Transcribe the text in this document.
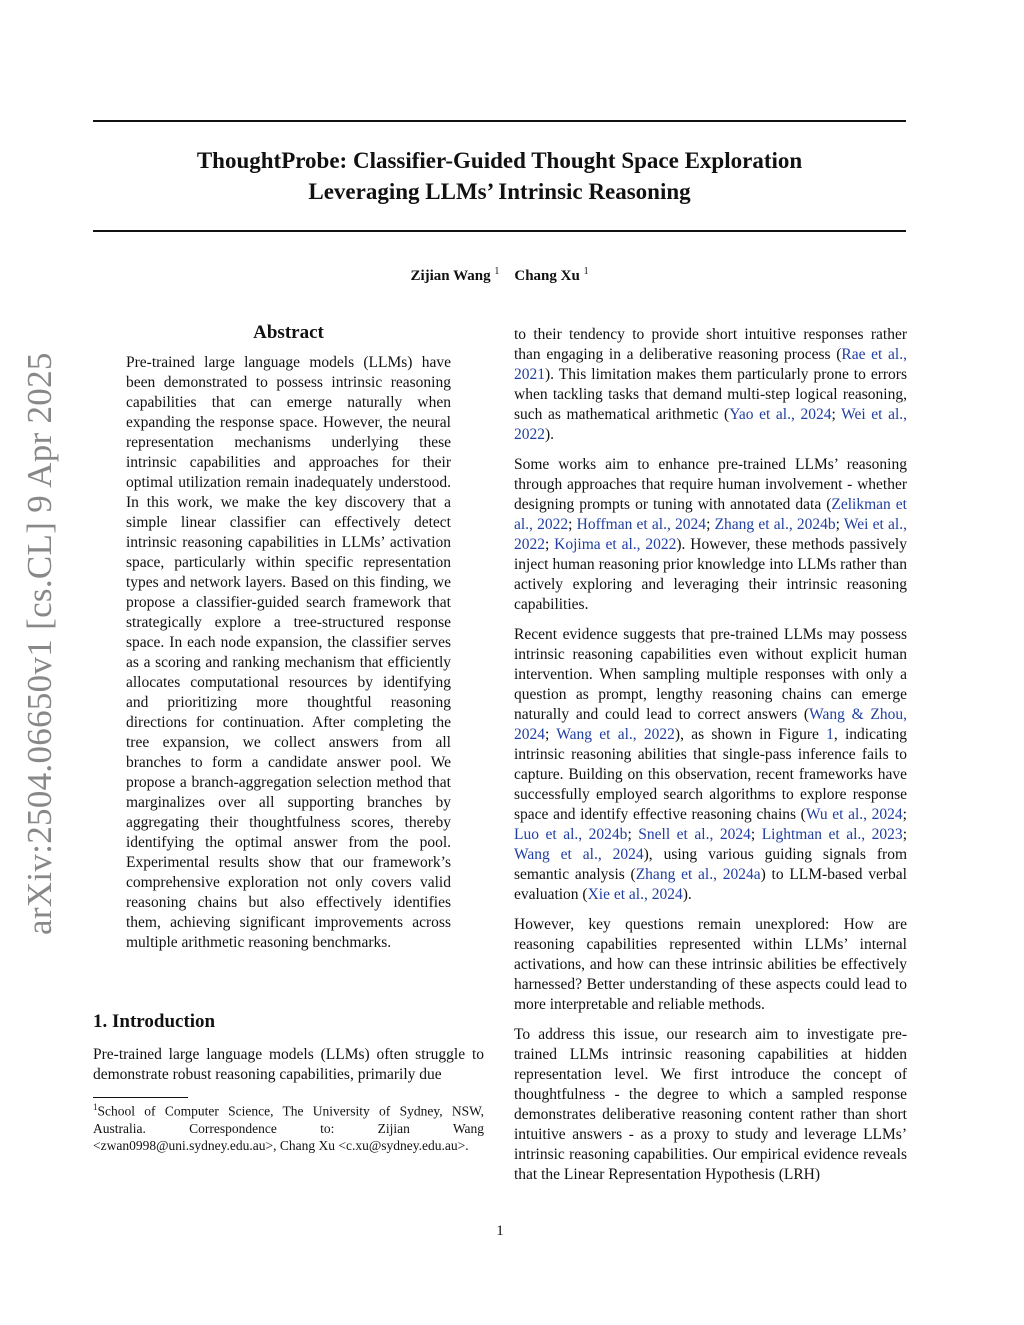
ThoughtProbe: Classifier-Guided Thought Space Exploration
Leveraging LLMs’ Intrinsic Reasoning
Zijian Wang $^1$ Chang Xu $^1$
arXiv:2504.06650v1 [cs.CL] 9 Apr 2025
Abstract

Pre-trained large language models (LLMs) have been demonstrated to possess intrinsic reasoning capabilities that can emerge naturally when expanding the response space. However, the neural representation mechanisms underlying these intrinsic capabilities and approaches for their optimal utilization remain inadequately understood. In this work, we make the key discovery that a simple linear classifier can effectively detect intrinsic reasoning capabilities in LLMs’ activation space, particularly within specific representation types and network layers. Based on this finding, we propose a classifier-guided search framework that strategically explore a tree-structured response space. In each node expansion, the classifier serves as a scoring and ranking mechanism that efficiently allocates computational resources by identifying and prioritizing more thoughtful reasoning directions for continuation. After completing the tree expansion, we collect answers from all branches to form a candidate answer pool. We propose a branch-aggregation selection method that marginalizes over all supporting branches by aggregating their thoughtfulness scores, thereby identifying the optimal answer from the pool. Experimental results show that our framework’s comprehensive exploration not only covers valid reasoning chains but also effectively identifies them, achieving significant improvements across multiple arithmetic reasoning benchmarks.

1. Introduction

Pre-trained large language models (LLMs) often struggle to demonstrate robust reasoning capabilities, primarily due

$^1$School of Computer Science, The University of Sydney, NSW, Australia. Correspondence to: Zijian Wang <zwan0998@uni.sydney.edu.au>, Chang Xu <c.xu@sydney.edu.au>.

to their tendency to provide short intuitive responses rather than engaging in a deliberative reasoning process (Rae et al., 2021). This limitation makes them particularly prone to errors when tackling tasks that demand multi-step logical reasoning, such as mathematical arithmetic (Yao et al., 2024; Wei et al., 2022).

Some works aim to enhance pre-trained LLMs’ reasoning through approaches that require human involvement - whether designing prompts or tuning with annotated data (Zelikman et al., 2022; Hoffman et al., 2024; Zhang et al., 2024b; Wei et al., 2022; Kojima et al., 2022). However, these methods passively inject human reasoning prior knowledge into LLMs rather than actively exploring and leveraging their intrinsic reasoning capabilities.

Recent evidence suggests that pre-trained LLMs may possess intrinsic reasoning capabilities even without explicit human intervention. When sampling multiple responses with only a question as prompt, lengthy reasoning chains can emerge naturally and could lead to correct answers (Wang & Zhou, 2024; Wang et al., 2022), as shown in Figure 1, indicating intrinsic reasoning abilities that single-pass inference fails to capture. Building on this observation, recent frameworks have successfully employed search algorithms to explore response space and identify effective reasoning chains (Wu et al., 2024; Luo et al., 2024b; Snell et al., 2024; Lightman et al., 2023; Wang et al., 2024), using various guiding signals from semantic analysis (Zhang et al., 2024a) to LLM-based verbal evaluation (Xie et al., 2024).

However, key questions remain unexplored: How are reasoning capabilities represented within LLMs’ internal activations, and how can these intrinsic abilities be effectively harnessed? Better understanding of these aspects could lead to more interpretable and reliable methods.

To address this issue, our research aim to investigate pre-trained LLMs intrinsic reasoning capabilities at hidden representation level. We first introduce the concept of thoughtfulness - the degree to which a sampled response demonstrates deliberative reasoning content rather than short intuitive answers - as a proxy to study and leverage LLMs’ intrinsic reasoning capabilities. Our empirical evidence reveals that the Linear Representation Hypothesis (LRH)

1
